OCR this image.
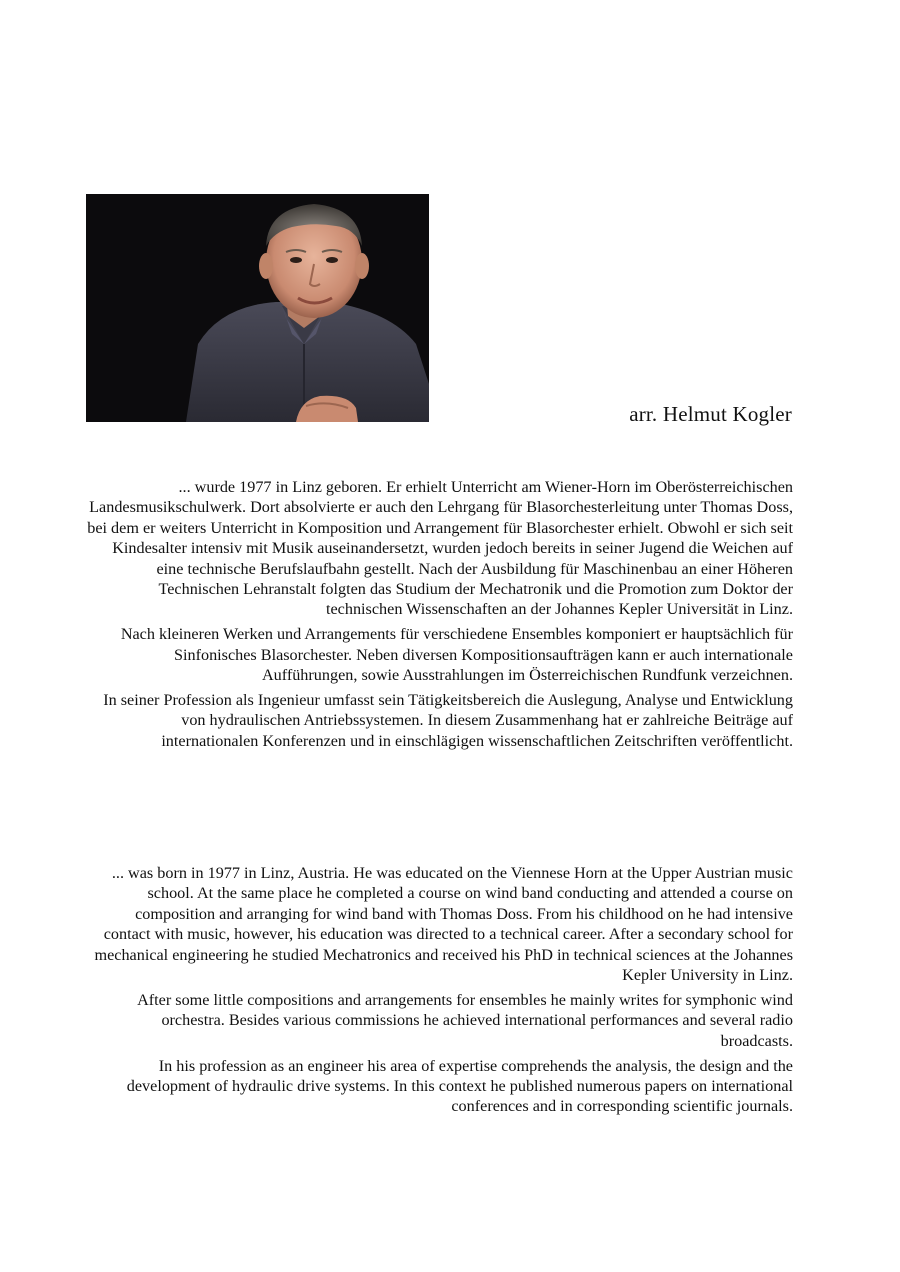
arr. Helmut Kogler

... wurde 1977 in Linz geboren. Er erhielt Unterricht am Wiener-Horn im Oberösterreichischen Landesmusikschulwerk. Dort absolvierte er auch den Lehrgang für Blasorchesterleitung unter Thomas Doss, bei dem er weiters Unterricht in Komposition und Arrangement für Blasorchester erhielt. Obwohl er sich seit Kindesalter intensiv mit Musik auseinandersetzt, wurden jedoch bereits in seiner Jugend die Weichen auf eine technische Berufslaufbahn gestellt. Nach der Ausbildung für Maschinenbau an einer Höheren Technischen Lehranstalt folgten das Studium der Mechatronik und die Promotion zum Doktor der technischen Wissenschaften an der Johannes Kepler Universität in Linz.

Nach kleineren Werken und Arrangements für verschiedene Ensembles komponiert er hauptsächlich für Sinfonisches Blasorchester. Neben diversen Kompositionsaufträgen kann er auch internationale Aufführungen, sowie Ausstrahlungen im Österreichischen Rundfunk verzeichnen.

In seiner Profession als Ingenieur umfasst sein Tätigkeitsbereich die Auslegung, Analyse und Entwicklung von hydraulischen Antriebssystemen. In diesem Zusammenhang hat er zahlreiche Beiträge auf internationalen Konferenzen und in einschlägigen wissenschaftlichen Zeitschriften veröffentlicht.

... was born in 1977 in Linz, Austria. He was educated on the Viennese Horn at the Upper Austrian music school. At the same place he completed a course on wind band conducting and attended a course on composition and arranging for wind band with Thomas Doss. From his childhood on he had intensive contact with music, however, his education was directed to a technical career. After a secondary school for mechanical engineering he studied Mechatronics and received his PhD in technical sciences at the Johannes Kepler University in Linz.

After some little compositions and arrangements for ensembles he mainly writes for symphonic wind orchestra. Besides various commissions he achieved international performances and several radio broadcasts.

In his profession as an engineer his area of expertise comprehends the analysis, the design and the development of hydraulic drive systems. In this context he published numerous papers on international conferences and in corresponding scientific journals.
